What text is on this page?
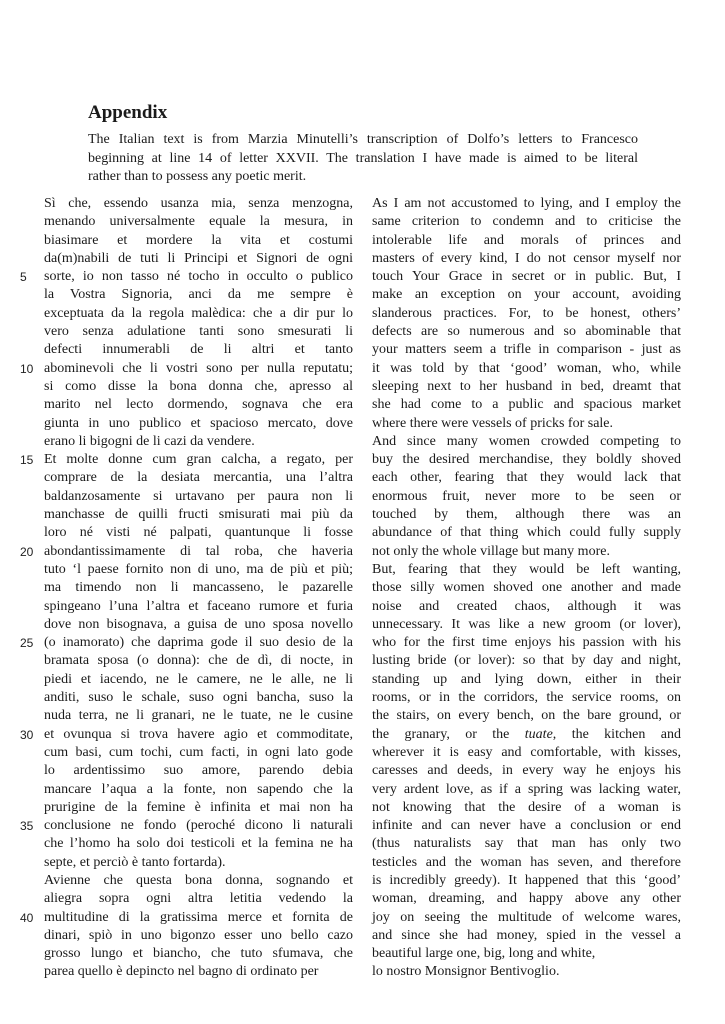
Appendix
The Italian text is from Marzia Minutelli’s transcription of Dolfo’s letters to Francesco
beginning at line 14 of letter XXVII. The translation I have made is aimed to be literal
rather than to possess any poetic merit.
5
10
15
20
25
30
35
40
Sì che, essendo usanza mia, senza menzogna,
menando universalmente equale la mesura, in
biasimare et mordere la vita et costumi
da(m)nabili de tuti li Principi et Signori de ogni
sorte, io non tasso né tocho in occulto o publico
la Vostra Signoria, anci da me sempre è
exceptuata da la regola malèdica: che a dir pur lo
vero senza adulatione tanti sono smesurati li
defecti innumerabli de li altri et tanto
abominevoli che li vostri sono per nulla reputatu;
si como disse la bona donna che, apresso al
marito nel lecto dormendo, sognava che era
giunta in uno publico et spacioso mercato, dove
erano li bigogni de li cazi da vendere.
Et molte donne cum gran calcha, a regato, per
comprare de la desiata mercantia, una l’altra
baldanzosamente si urtavano per paura non li
manchasse de quilli fructi smisurati mai più da
loro né visti né palpati, quantunque li fosse
abondantissimamente di tal roba, che haveria
tuto ‘l paese fornito non di uno, ma de più et più;
ma timendo non li mancasseno, le pazarelle
spingeano l’una l’altra et faceano rumore et furia
dove non bisognava, a guisa de uno sposa novello
(o inamorato) che daprima gode il suo desio de la
bramata sposa (o donna): che de dì, di nocte, in
piedi et iacendo, ne le camere, ne le alle, ne li
anditi, suso le schale, suso ogni bancha, suso la
nuda terra, ne li granari, ne le tuate, ne le cusine
et ovunqua si trova havere agio et commoditate,
cum basi, cum tochi, cum facti, in ogni lato gode
lo ardentissimo suo amore, parendo debia
mancare l’aqua a la fonte, non sapendo che la
prurigine de la femine è infinita et mai non ha
conclusione ne fondo (peroché dicono li naturali
che l’homo ha solo doi testicoli et la femina ne ha
septe, et perciò è tanto fortarda).
Avienne che questa bona donna, sognando et
aliegra sopra ogni altra letitia vedendo la
multitudine di la gratissima merce et fornita de
dinari, spiò in uno bigonzo esser uno bello cazo
grosso lungo et biancho, che tuto sfumava, che
parea quello è depincto nel bagno di ordinato per
As I am not accustomed to lying, and I employ the
same criterion to condemn and to criticise the
intolerable life and morals of princes and
masters of every kind, I do not censor myself nor
touch Your Grace in secret or in public. But, I
make an exception on your account, avoiding
slanderous practices. For, to be honest, others’
defects are so numerous and so abominable that
your matters seem a trifle in comparison - just as
it was told by that ‘good’ woman, who, while
sleeping next to her husband in bed, dreamt that
she had come to a public and spacious market
where there were vessels of pricks for sale.
And since many women crowded competing to
buy the desired merchandise, they boldly shoved
each other, fearing that they would lack that
enormous fruit, never more to be seen or
touched by them, although there was an
abundance of that thing which could fully supply
not only the whole village but many more.
But, fearing that they would be left wanting,
those silly women shoved one another and made
noise and created chaos, although it was
unnecessary. It was like a new groom (or lover),
who for the first time enjoys his passion with his
lusting bride (or lover): so that by day and night,
standing up and lying down, either in their
rooms, or in the corridors, the service rooms, on
the stairs, on every bench, on the bare ground, or
the granary, or the tuate, the kitchen and
wherever it is easy and comfortable, with kisses,
caresses and deeds, in every way he enjoys his
very ardent love, as if a spring was lacking water,
not knowing that the desire of a woman is
infinite and can never have a conclusion or end
(thus naturalists say that man has only two
testicles and the woman has seven, and therefore
is incredibly greedy). It happened that this ‘good’
woman, dreaming, and happy above any other
joy on seeing the multitude of welcome wares,
and since she had money, spied in the vessel a
beautiful large one, big, long and white,
lo nostro Monsignor Bentivoglio.
